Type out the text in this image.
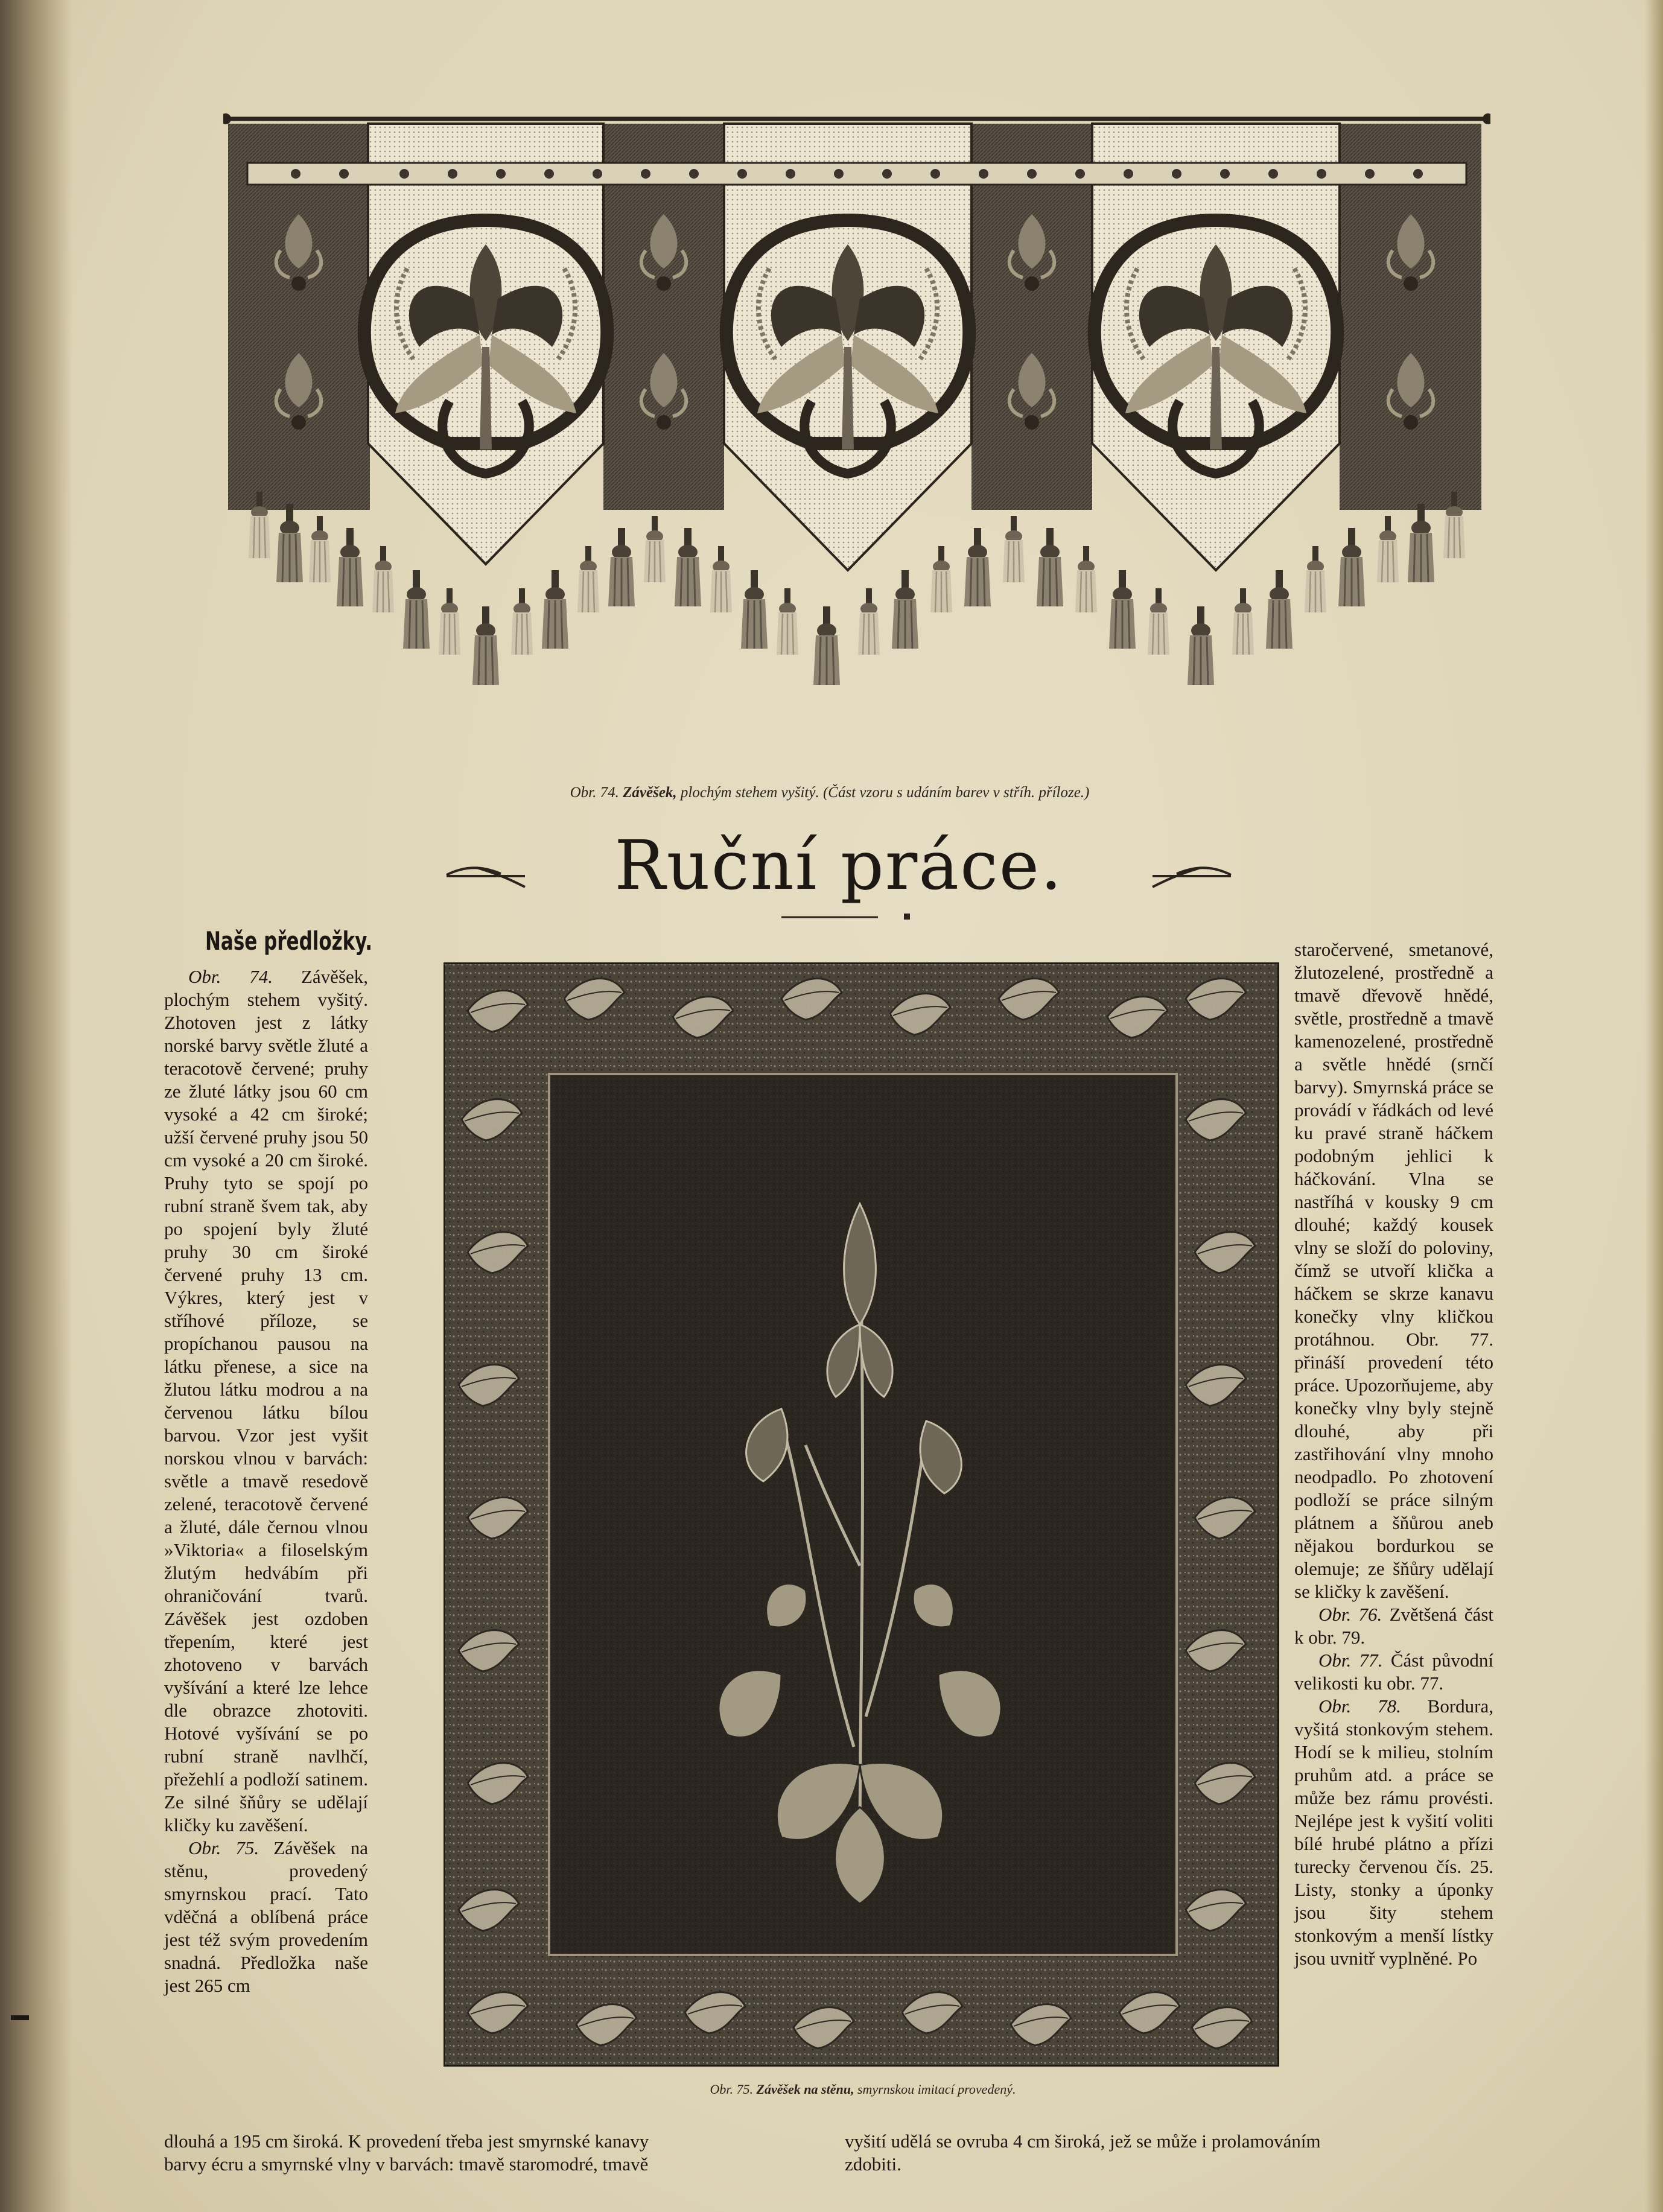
Obr. 74. Závěšek, plochým stehem vyšitý. (Část vzoru s udáním barev v stříh. příloze.)
Ruční práce.
Naše předložky.

Obr. 74. Závěšek, plochým stehem vyšitý. Zhotoven jest z látky norské barvy světle žluté a teracotově červené; pruhy ze žluté látky jsou 60 cm vysoké a 42 cm široké; užší červené pruhy jsou 50 cm vysoké a 20 cm široké. Pruhy tyto se spojí po rubní straně švem tak, aby po spojení byly žluté pruhy 30 cm široké červené pruhy 13 cm. Výkres, který jest v stříhové příloze, se propíchanou pausou na látku přenese, a sice na žlutou látku modrou a na červenou látku bílou barvou. Vzor jest vyšit norskou vlnou v barvách: světle a tmavě resedově zelené, teracotově červené a žluté, dále černou vlnou »Viktoria« a filoselským žlutým hedvábím při ohraničování tvarů. Závěšek jest ozdoben třepením, které jest zhotoveno v barvách vyšívání a které lze lehce dle obrazce zhotoviti. Hotové vyšívání se po rubní straně navlhčí, přežehlí a podloží satinem. Ze silné šňůry se udělají kličky ku zavěšení.

Obr. 75. Závěšek na stěnu, provedený smyrnskou prací. Tato vděčná a oblíbená práce jest též svým provedením snadná. Předložka naše jest 265 cm

Obr. 75. Závěšek na stěnu, smyrnskou imitací provedený.

staročervené, smetanové, žlutozelené, prostředně a tmavě dřevově hnědé, světle, prostředně a tmavě kamenozelené, prostředně a světle hnědé (srnčí barvy). Smyrnská práce se provádí v řádkách od levé ku pravé straně háčkem podobným jehlici k háčkování. Vlna se nastříhá v kousky 9 cm dlouhé; každý kousek vlny se složí do poloviny, čímž se utvoří klička a háčkem se skrze kanavu konečky vlny kličkou protáhnou. Obr. 77. přináší provedení této práce. Upozorňujeme, aby konečky vlny byly stejně dlouhé, aby při zastřihování vlny mnoho neodpadlo. Po zhotovení podloží se práce silným plátnem a šňůrou aneb nějakou bordurkou se olemuje; ze šňůry udělají se kličky k zavěšení.

Obr. 76. Zvětšená část k obr. 79.

Obr. 77. Část původní velikosti ku obr. 77.

Obr. 78. Bordura, vyšitá stonkovým stehem. Hodí se k milieu, stolním pruhům atd. a práce se může bez rámu provésti. Nejlépe jest k vyšití voliti bílé hrubé plátno a přízi turecky červenou čís. 25. Listy, stonky a úponky jsou šity stehem stonkovým a menší lístky jsou uvnitř vyplněné. Po

dlouhá a 195 cm široká. K provedení třeba jest smyrnské kanavy
barvy écru a smyrnské vlny v barvách: tmavě staromodré, tmavě
vyšití udělá se ovruba 4 cm široká, jež se může i prolamováním
zdobiti.
